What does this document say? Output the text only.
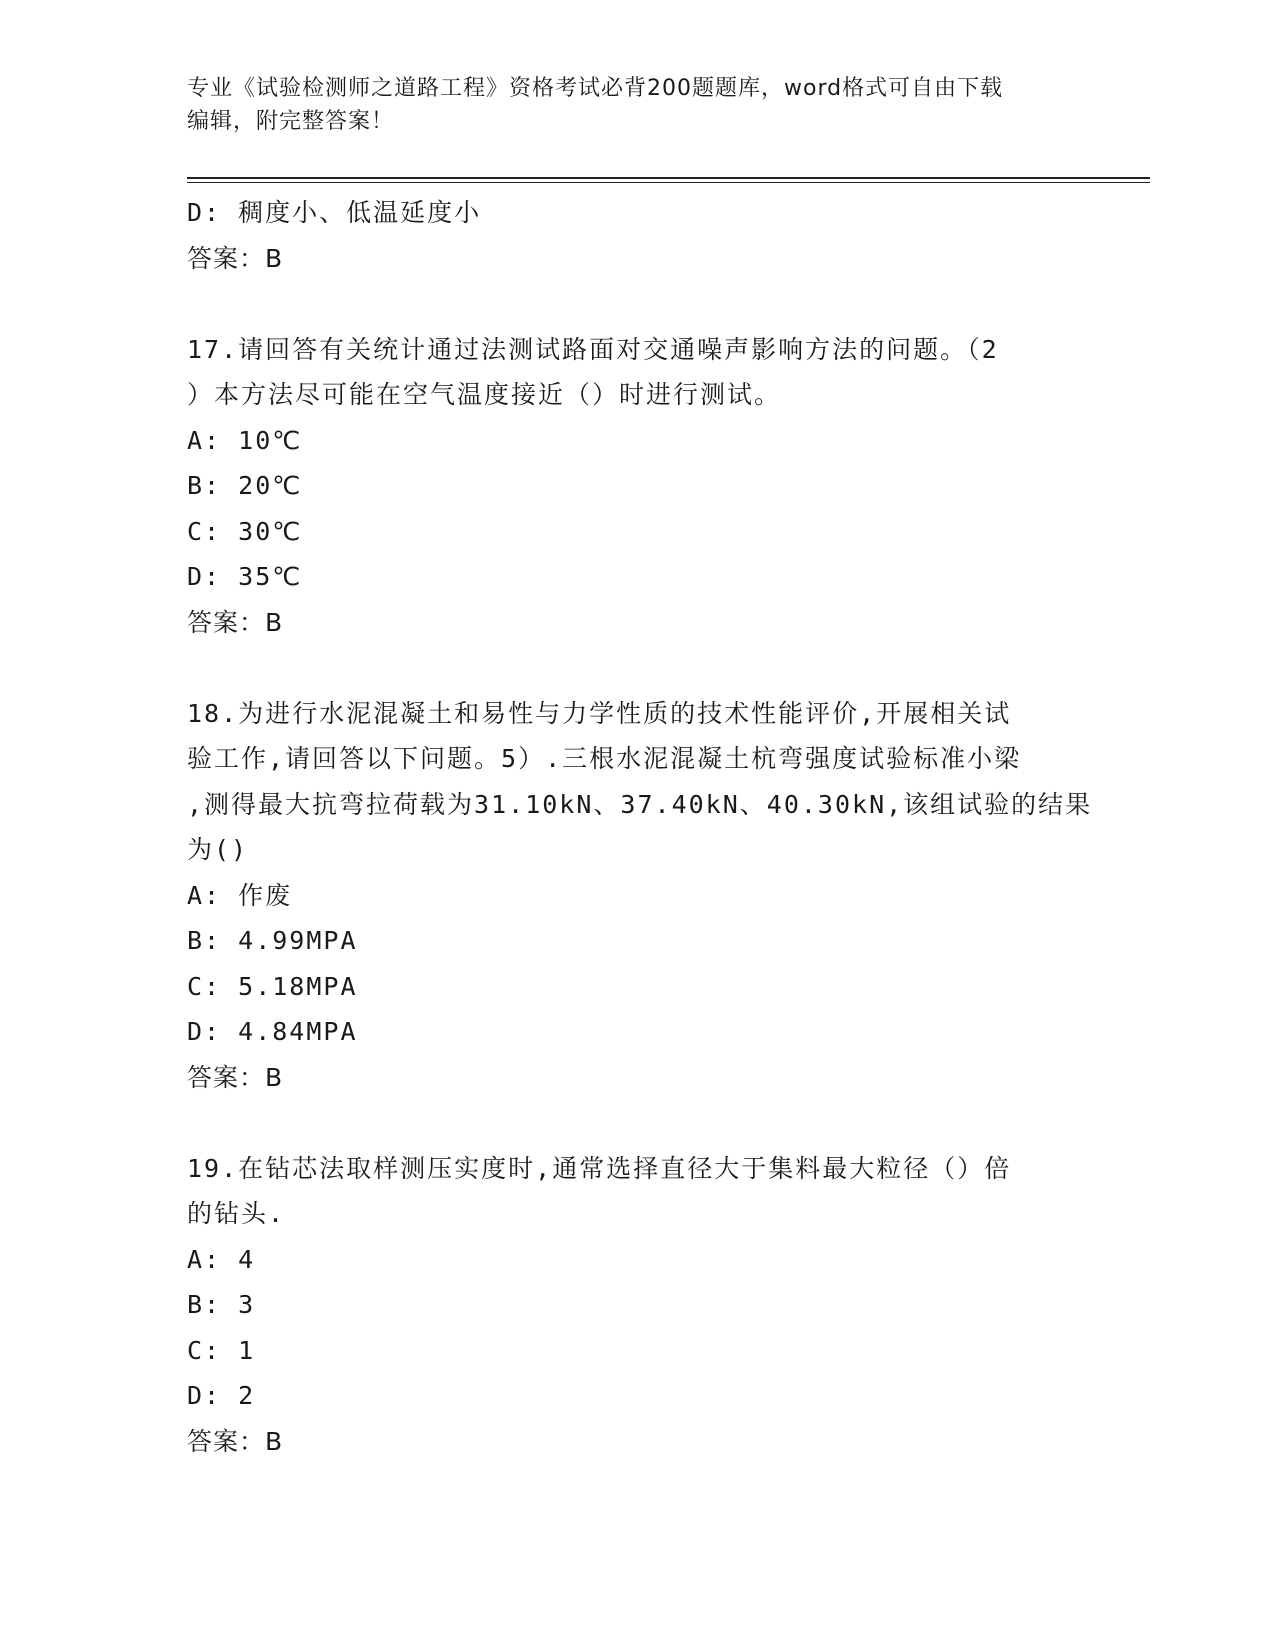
专业《试验检测师之道路工程》资格考试必背200题题库，word格式可自由下载
编辑，附完整答案！
D: 稠度小、低温延度小
答案：B
17.请回答有关统计通过法测试路面对交通噪声影响方法的问题。（2
）本方法尽可能在空气温度接近（）时进行测试。
A: 10℃
B: 20℃
C: 30℃
D: 35℃
答案：B
18.为进行水泥混凝土和易性与力学性质的技术性能评价,开展相关试
验工作,请回答以下问题。5）.三根水泥混凝土杭弯强度试验标准小梁
,测得最大抗弯拉荷载为31.10kN、37.40kN、40.30kN,该组试验的结果
为()
A: 作废
B: 4.99MPA
C: 5.18MPA
D: 4.84MPA
答案：B
19.在钻芯法取样测压实度时,通常选择直径大于集料最大粒径（）倍
的钻头.
A: 4
B: 3
C: 1
D: 2
答案：B
